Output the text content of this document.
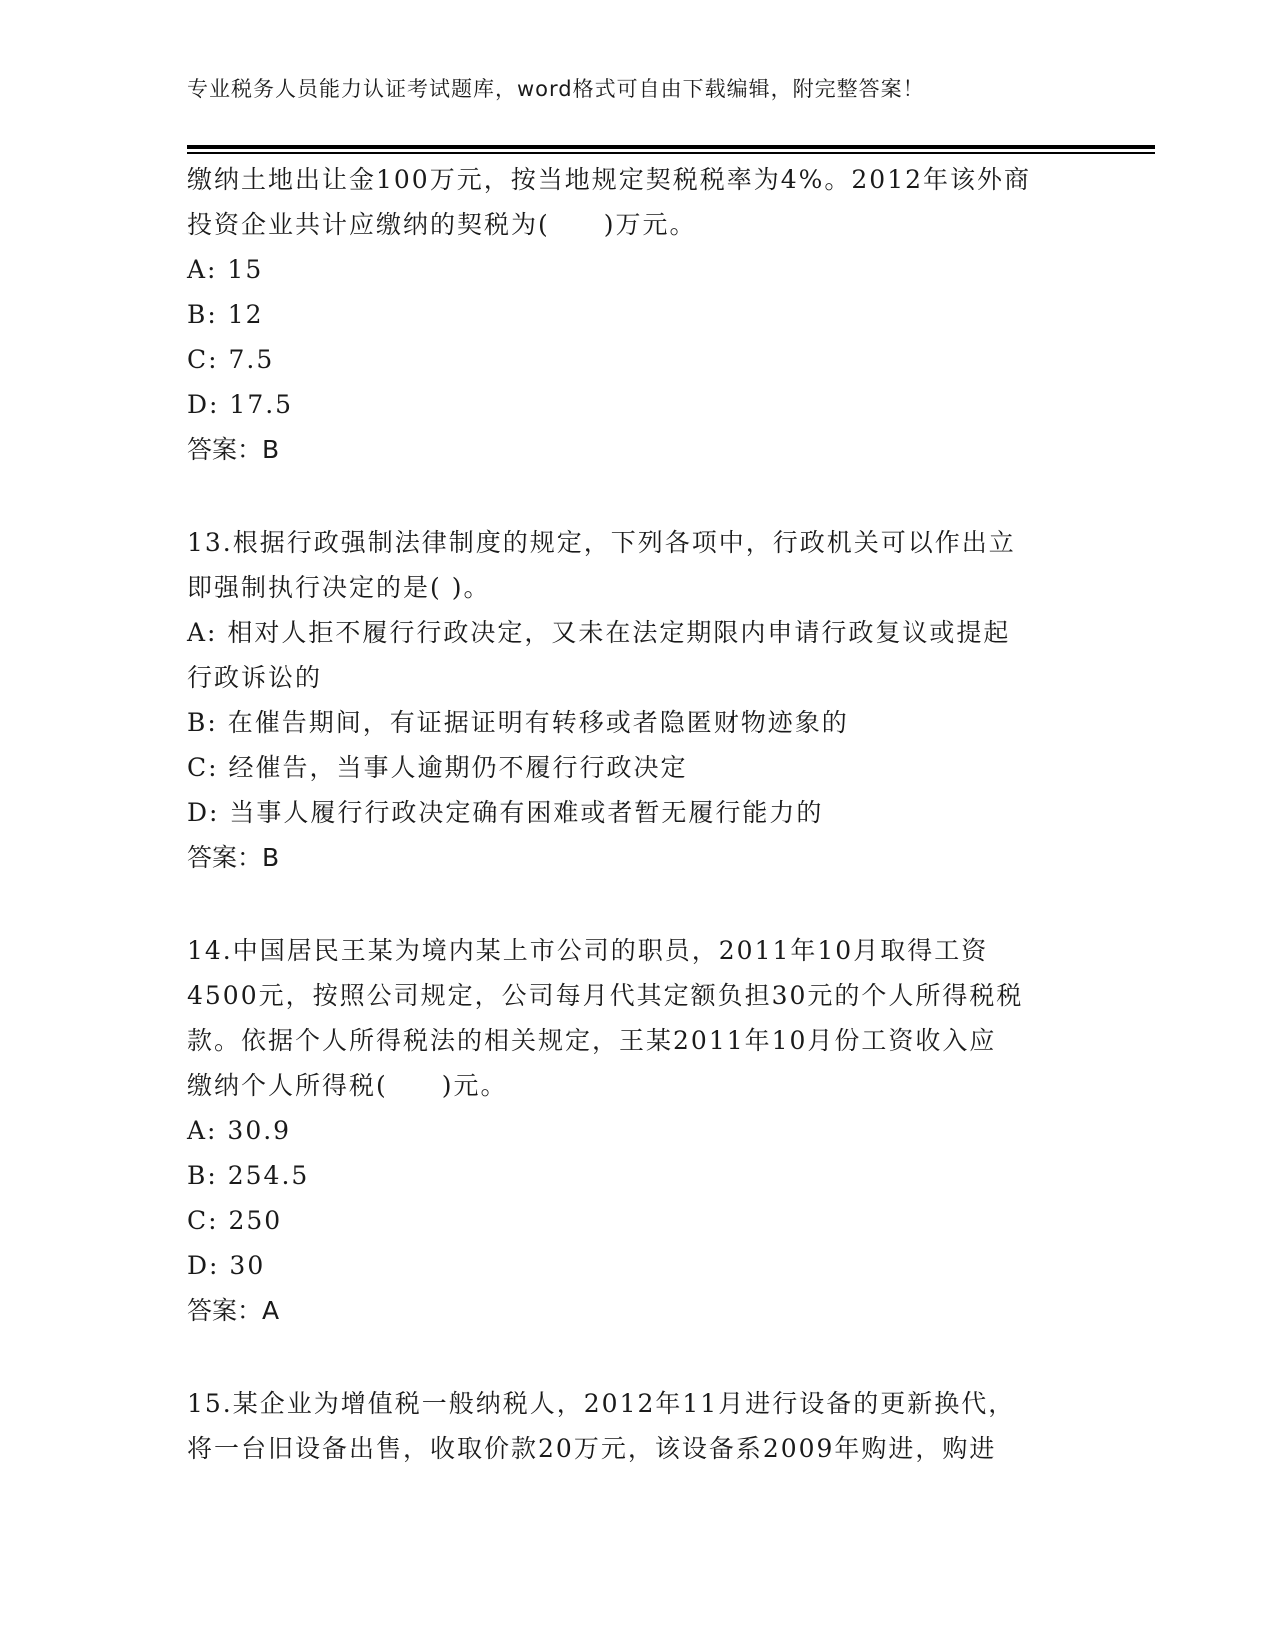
专业税务人员能力认证考试题库，word格式可自由下载编辑，附完整答案！
缴纳土地出让金100万元，按当地规定契税税率为4%。2012年该外商
投资企业共计应缴纳的契税为(　　)万元。
A: 15
B: 12
C: 7.5
D: 17.5
答案：B
13.根据行政强制法律制度的规定，下列各项中，行政机关可以作出立
即强制执行决定的是( )。
A: 相对人拒不履行行政决定，又未在法定期限内申请行政复议或提起
行政诉讼的
B: 在催告期间，有证据证明有转移或者隐匿财物迹象的
C: 经催告，当事人逾期仍不履行行政决定
D: 当事人履行行政决定确有困难或者暂无履行能力的
答案：B
14.中国居民王某为境内某上市公司的职员，2011年10月取得工资
4500元，按照公司规定，公司每月代其定额负担30元的个人所得税税
款。依据个人所得税法的相关规定，王某2011年10月份工资收入应
缴纳个人所得税(　　)元。
A: 30.9
B: 254.5
C: 250
D: 30
答案：A
15.某企业为增值税一般纳税人，2012年11月进行设备的更新换代，
将一台旧设备出售，收取价款20万元，该设备系2009年购进，购进
